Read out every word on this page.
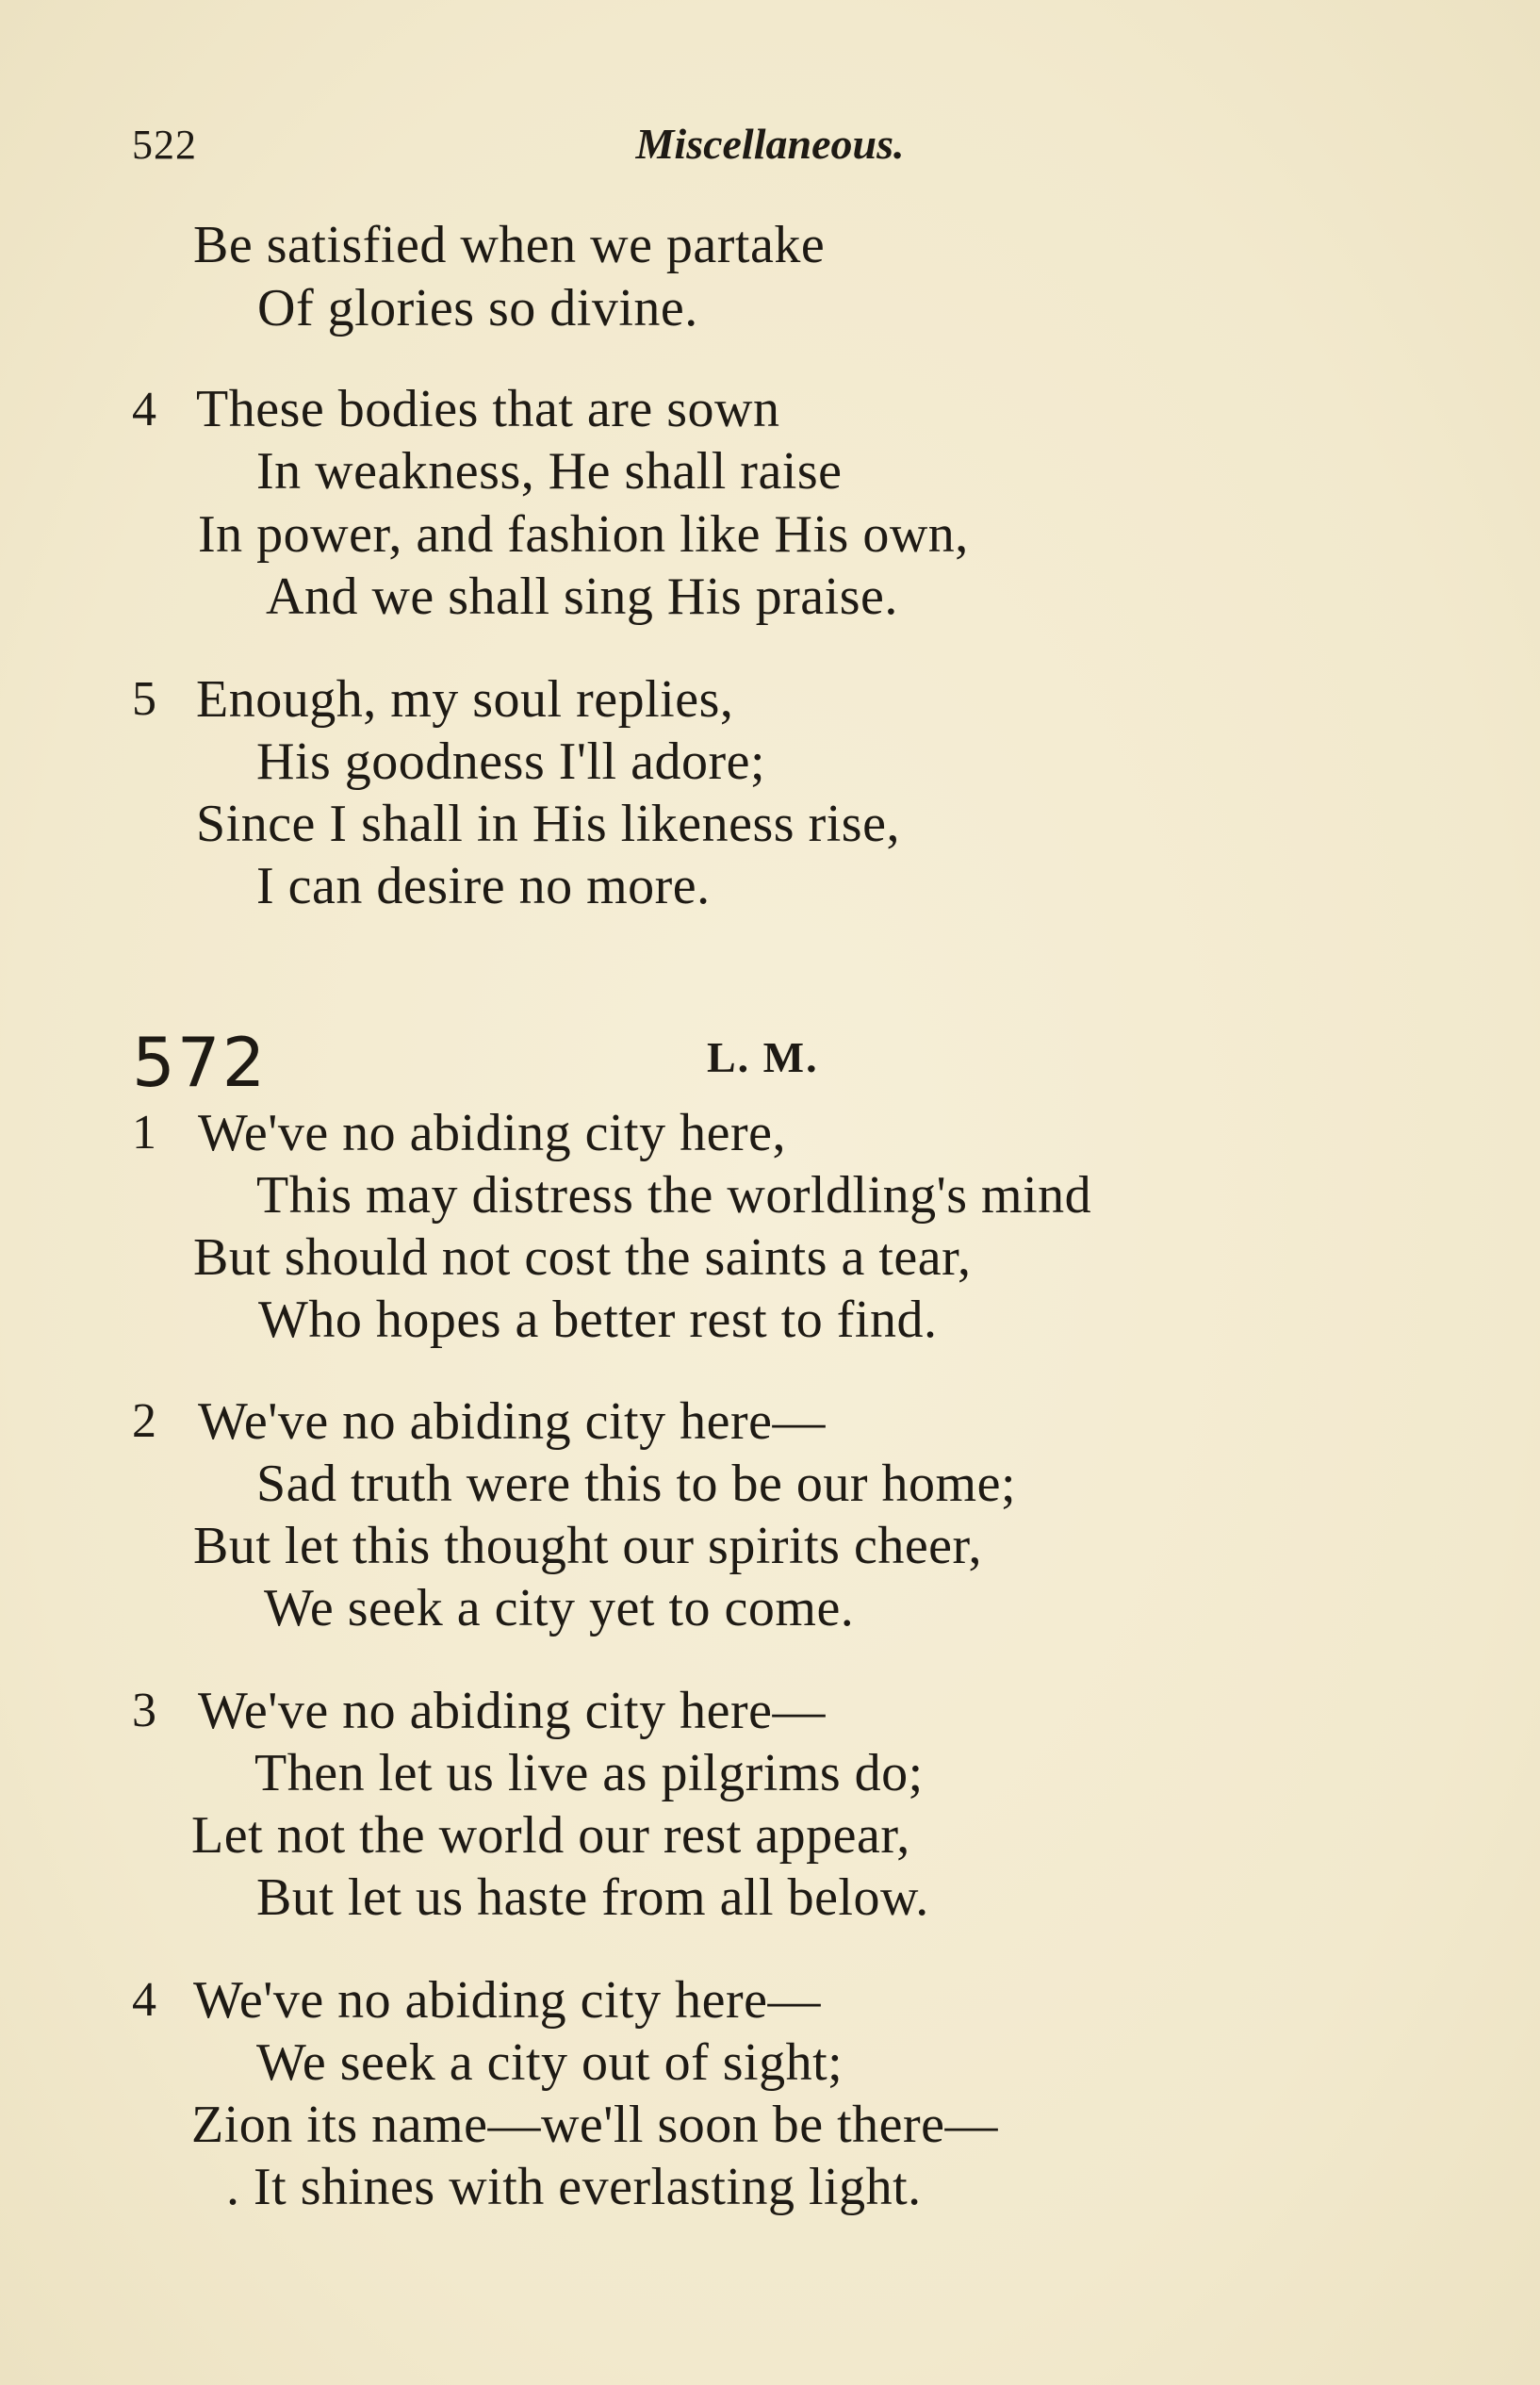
522	Miscellaneous.
Be satisfied when we partake
Of glories so divine.
4 These bodies that are sown
In weakness, He shall raise
In power, and fashion like His own,
And we shall sing His praise.
5 Enough, my soul replies,
His goodness I'll adore;
Since I shall in His likeness rise,
I can desire no more.
572	L. M.
1 We've no abiding city here,
This may distress the worldling's mind
But should not cost the saints a tear,
Who hopes a better rest to find.
2 We've no abiding city here—
Sad truth were this to be our home;
But let this thought our spirits cheer,
We seek a city yet to come.
3 We've no abiding city here—
Then let us live as pilgrims do;
Let not the world our rest appear,
But let us haste from all below.
4 We've no abiding city here—
We seek a city out of sight;
Zion its name—we'll soon be there—
. It shines with everlasting light.
